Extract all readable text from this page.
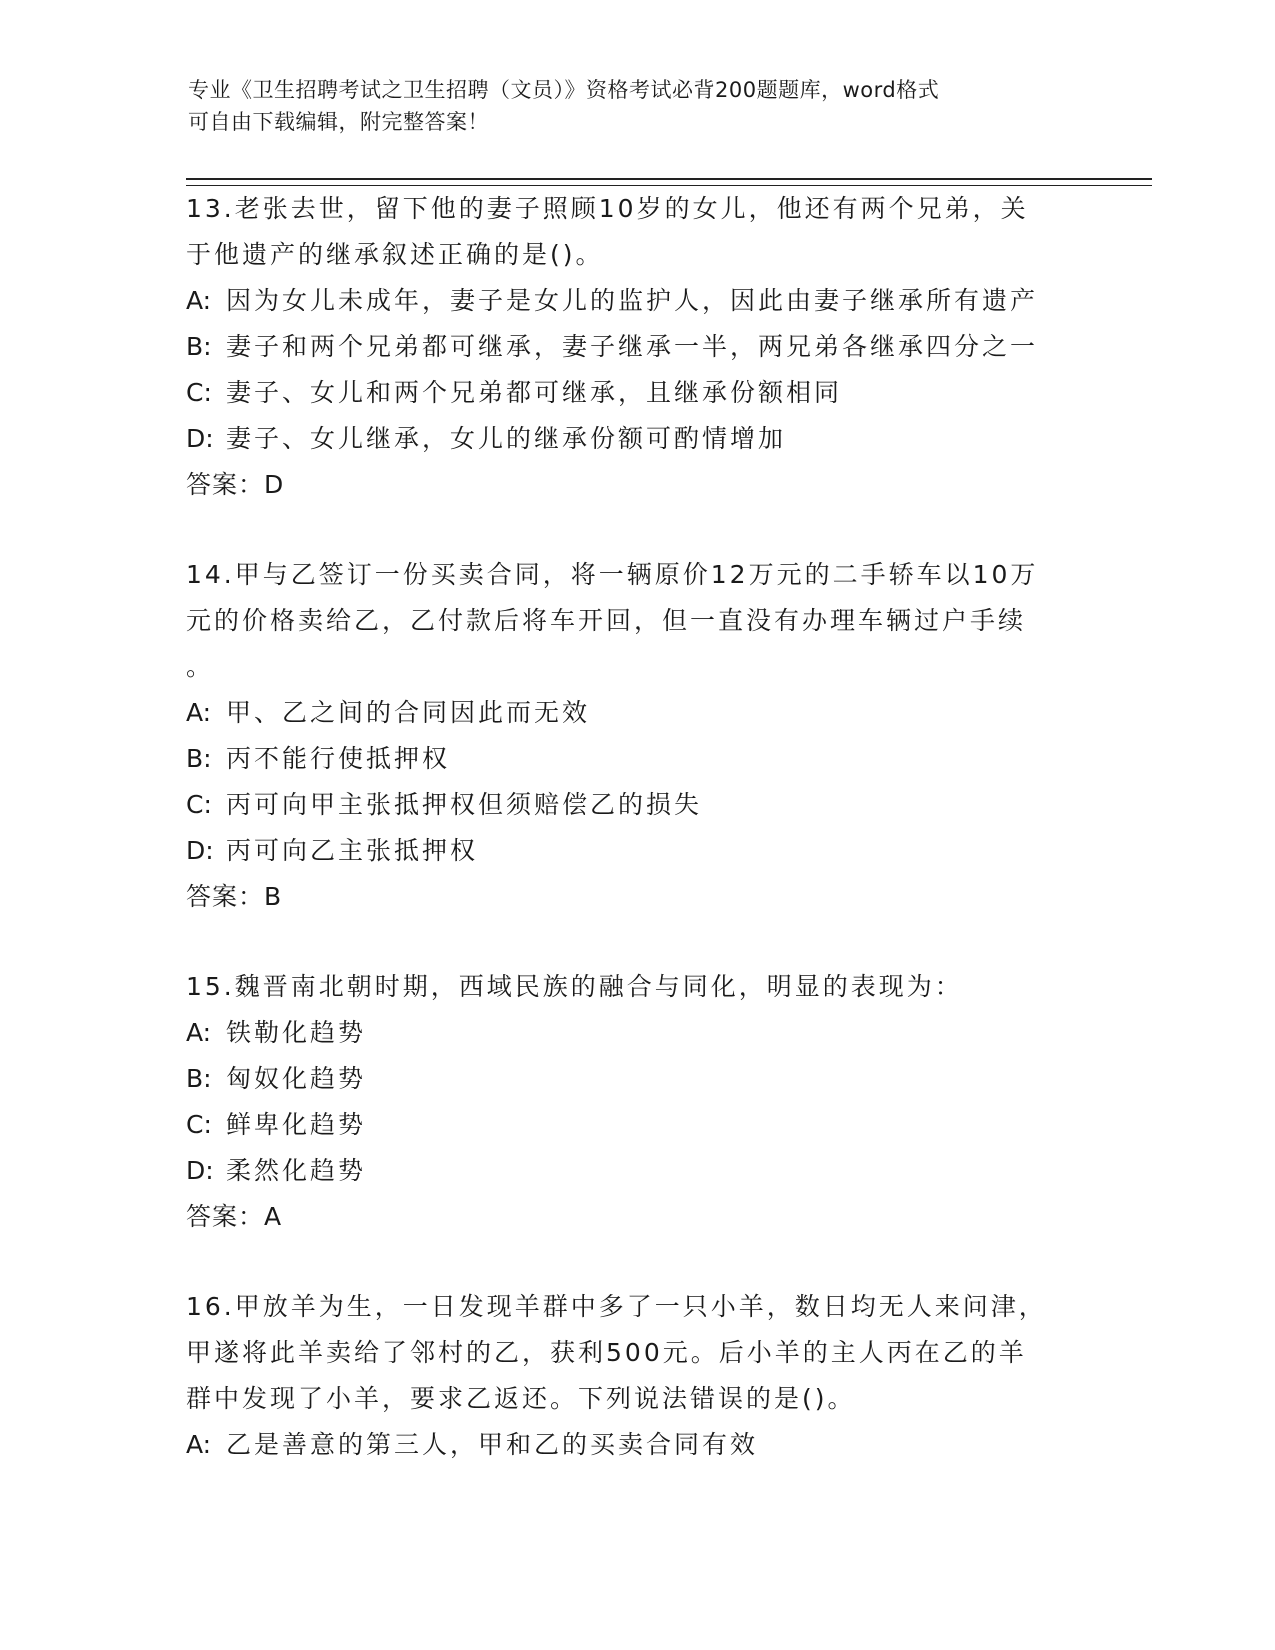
专业《卫生招聘考试之卫生招聘（文员）》资格考试必背200题题库，word格式
可自由下载编辑，附完整答案！
13.老张去世，留下他的妻子照顾10岁的女儿，他还有两个兄弟，关
于他遗产的继承叙述正确的是()。
A: 因为女儿未成年，妻子是女儿的监护人，因此由妻子继承所有遗产
B: 妻子和两个兄弟都可继承，妻子继承一半，两兄弟各继承四分之一
C: 妻子、女儿和两个兄弟都可继承，且继承份额相同
D: 妻子、女儿继承，女儿的继承份额可酌情增加
答案：D
14.甲与乙签订一份买卖合同，将一辆原价12万元的二手轿车以10万
元的价格卖给乙，乙付款后将车开回，但一直没有办理车辆过户手续
。
A: 甲、乙之间的合同因此而无效
B: 丙不能行使抵押权
C: 丙可向甲主张抵押权但须赔偿乙的损失
D: 丙可向乙主张抵押权
答案：B
15.魏晋南北朝时期，西域民族的融合与同化，明显的表现为：
A: 铁勒化趋势
B: 匈奴化趋势
C: 鲜卑化趋势
D: 柔然化趋势
答案：A
16.甲放羊为生，一日发现羊群中多了一只小羊，数日均无人来问津，
甲遂将此羊卖给了邻村的乙，获利500元。后小羊的主人丙在乙的羊
群中发现了小羊，要求乙返还。下列说法错误的是()。
A: 乙是善意的第三人，甲和乙的买卖合同有效
